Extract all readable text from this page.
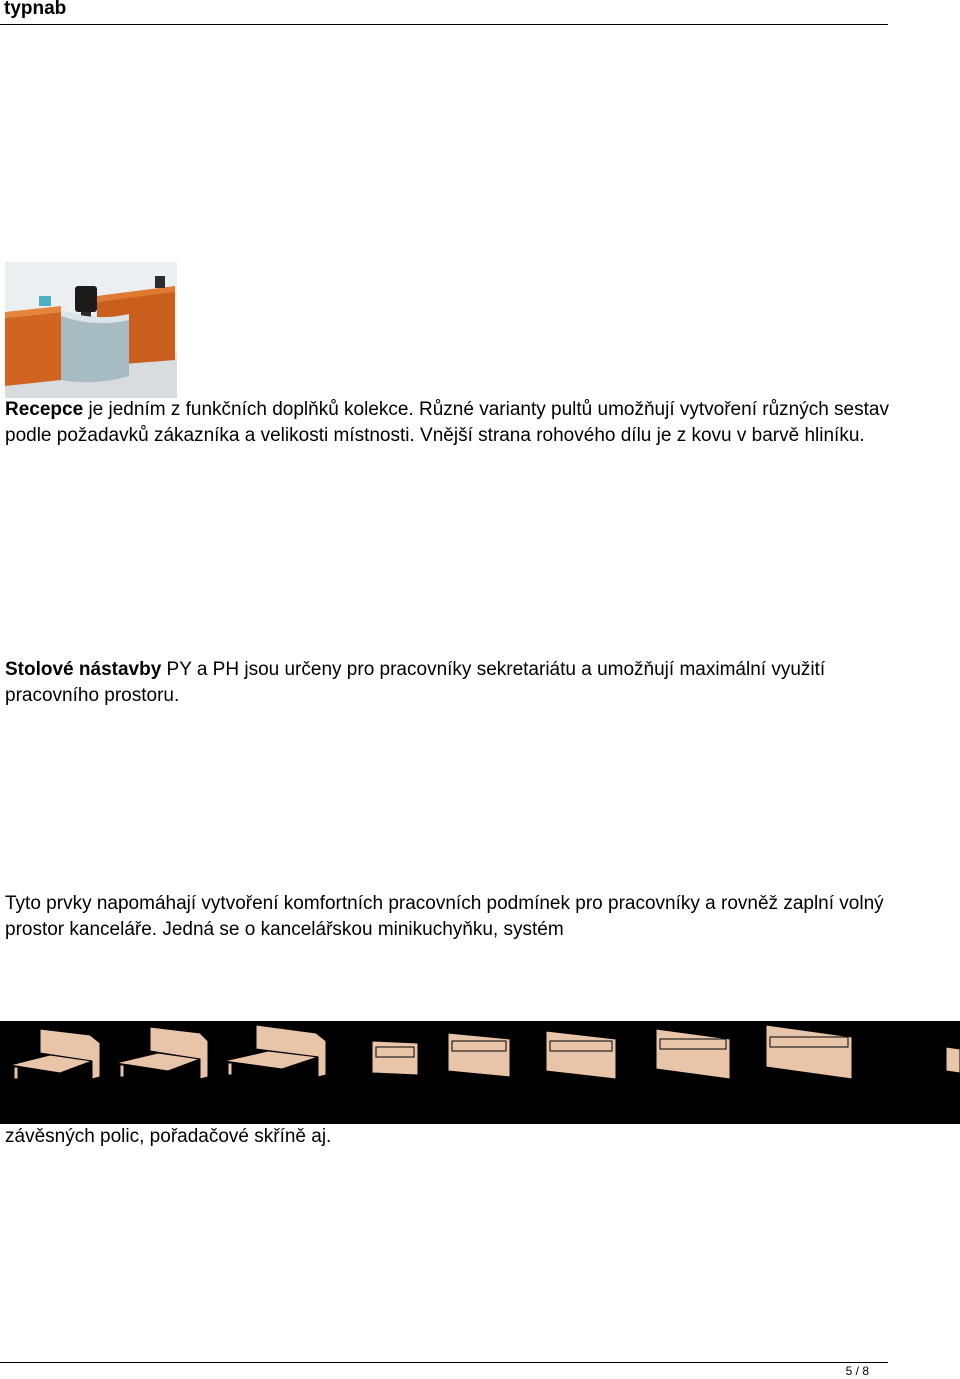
typnab

Recepce je jedním z funkčních doplňků kolekce. Různé varianty pultů umožňují vytvoření různých sestav podle požadavků zákazníka a velikosti místnosti. Vnější strana rohového dílu je z kovu v barvě hliníku.

Stolové nástavby PY a PH jsou určeny pro pracovníky sekretariátu a umožňují maximální využití pracovního prostoru.

Tyto prvky napomáhají vytvoření komfortních pracovních podmínek pro pracovníky a rovněž zaplní volný prostor kanceláře. Jedná se o kancelářskou minikuchyňku, systém

závěsných polic, pořadačové skříně aj.

5 / 8
